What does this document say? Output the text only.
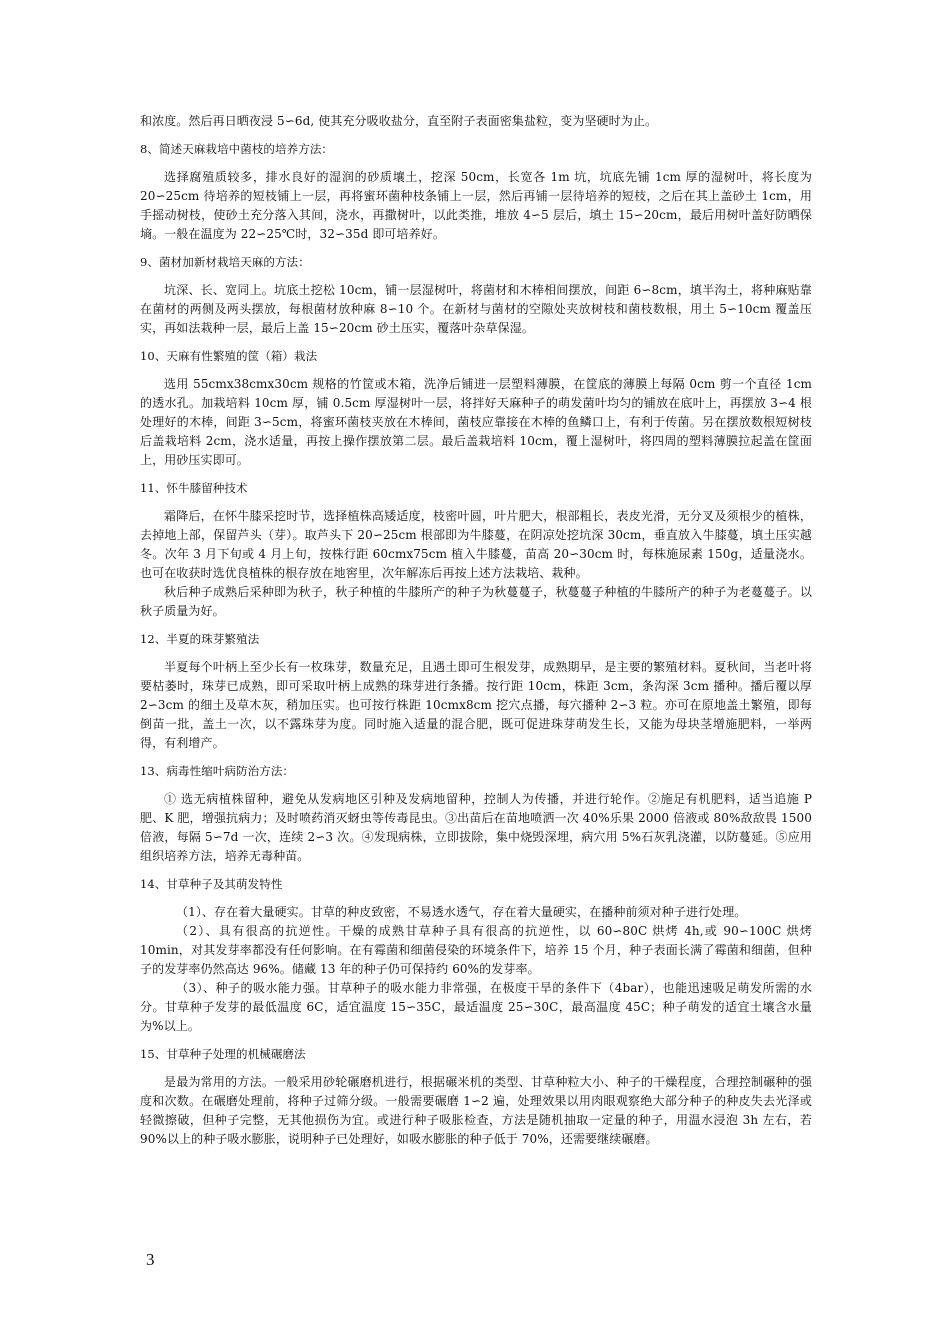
和浓度。然后再日晒夜浸 5∽6d, 使其充分吸收盐分，直至附子表面密集盐粒，变为坚硬时为止。

8、简述天麻栽培中菌枝的培养方法：

选择腐殖质较多，排水良好的湿润的砂质壤土，挖深 50cm，长宽各 1m 坑，坑底先铺 1cm 厚的湿树叶，将长度为 20∽25cm 待培养的短枝铺上一层，再将蜜环菌种枝条铺上一层，然后再铺一层待培养的短枝，之后在其上盖砂土 1cm，用手摇动树枝，使砂土充分落入其间，浇水，再撒树叶，以此类推，堆放 4∽5 层后，填土 15∽20cm，最后用树叶盖好防晒保墒。一般在温度为 22∽25℃时，32∽35d 即可培养好。

9、菌材加新材栽培天麻的方法：

坑深、长、宽同上。坑底土挖松 10cm，铺一层湿树叶，将菌材和木棒相间摆放，间距 6∽8cm，填半沟土，将种麻贴靠在菌材的两侧及两头摆放，每根菌材放种麻 8∽10 个。在新材与菌材的空隙处夹放树枝和菌枝数根，用土 5∽10cm 覆盖压实，再如法栽种一层，最后上盖 15∽20cm 砂土压实，覆落叶杂草保湿。

10、天麻有性繁殖的筐（箱）栽法

选用 55cmx38cmx30cm 规格的竹筐或木箱，洗净后铺进一层塑料薄膜，在筐底的薄膜上每隔 0cm 剪一个直径 1cm 的透水孔。加栽培料 10cm 厚，铺 0.5cm 厚湿树叶一层，将拌好天麻种子的萌发菌叶均匀的铺放在底叶上，再摆放 3∽4 根处理好的木棒，间距 3∽5cm，将蜜环菌枝夹放在木棒间，菌枝应靠接在木棒的鱼鳞口上，有利于传菌。另在摆放数根短树枝后盖栽培料 2cm，浇水适量，再按上操作摆放第二层。最后盖栽培料 10cm，覆上湿树叶，将四周的塑料薄膜拉起盖在筐面上，用砂压实即可。

11、怀牛膝留种技术

霜降后，在怀牛膝采挖时节，选择植株高矮适度，枝密叶圆，叶片肥大，根部粗长，表皮光滑，无分叉及须根少的植株，去掉地上部，保留芦头（芽）。取芦头下 20∽25cm 根部即为牛膝蔓，在阴凉处挖坑深 30cm，垂直放入牛膝蔓，填土压实越冬。次年 3 月下旬或 4 月上旬，按株行距 60cmx75cm 植入牛膝蔓，苗高 20∽30cm 时，每株施尿素 150g，适量浇水。也可在收获时选优良植株的根存放在地窖里，次年解冻后再按上述方法栽培、栽种。

秋后种子成熟后采种即为秋子，秋子种植的牛膝所产的种子为秋蔓蔓子，秋蔓蔓子种植的牛膝所产的种子为老蔓蔓子。以秋子质量为好。

12、半夏的珠芽繁殖法

半夏每个叶柄上至少长有一枚珠芽，数量充足，且遇土即可生根发芽，成熟期早，是主要的繁殖材料。夏秋间，当老叶将要枯萎时，珠芽已成熟，即可采取叶柄上成熟的珠芽进行条播。按行距 10cm，株距 3cm，条沟深 3cm 播种。播后覆以厚 2∽3cm 的细土及草木灰，稍加压实。也可按行株距 10cmx8cm 挖穴点播，每穴播种 2∽3 粒。亦可在原地盖土繁殖，即每倒苗一批，盖土一次，以不露珠芽为度。同时施入适量的混合肥，既可促进珠芽萌发生长，又能为母块茎增施肥料，一举两得，有利增产。

13、病毒性缩叶病防治方法：

① 选无病植株留种，避免从发病地区引种及发病地留种，控制人为传播，并进行轮作。②施足有机肥料，适当追施 P 肥、K 肥，增强抗病力；及时喷药消灭蚜虫等传毒昆虫。③出苗后在苗地喷洒一次 40%乐果 2000 倍液或 80%敌敌畏 1500 倍液，每隔 5∽7d 一次，连续 2∽3 次。④发现病株，立即拔除，集中烧毁深埋，病穴用 5%石灰乳浇灌，以防蔓延。⑤应用组织培养方法，培养无毒种苗。

14、甘草种子及其萌发特性

（1）、存在着大量硬实。甘草的种皮致密，不易透水透气，存在着大量硬实，在播种前须对种子进行处理。

（2）、具有很高的抗逆性。干燥的成熟甘草种子具有很高的抗逆性，以 60∽80C 烘烤 4h,或 90∽100C 烘烤 10min，对其发芽率都没有任何影响。在有霉菌和细菌侵染的环境条件下，培养 15 个月，种子表面长满了霉菌和细菌，但种子的发芽率仍然高达 96%。储藏 13 年的种子仍可保持约 60%的发芽率。

（3）、种子的吸水能力强。甘草种子的吸水能力非常强，在极度干旱的条件下（4bar），也能迅速吸足萌发所需的水分。甘草种子发芽的最低温度 6C，适宜温度 15∽35C，最适温度 25∽30C，最高温度 45C；种子萌发的适宜土壤含水量为%以上。

15、甘草种子处理的机械碾磨法

是最为常用的方法。一般采用砂轮碾磨机进行，根据碾米机的类型、甘草种粒大小、种子的干燥程度，合理控制碾种的强度和次数。在碾磨处理前，将种子过筛分级。一般需要碾磨 1∽2 遍，处理效果以用肉眼观察绝大部分种子的种皮失去光泽或轻微擦破，但种子完整，无其他损伤为宜。或进行种子吸胀检查，方法是随机抽取一定量的种子，用温水浸泡 3h 左右，若 90%以上的种子吸水膨胀，说明种子已处理好，如吸水膨胀的种子低于 70%，还需要继续碾磨。

3
